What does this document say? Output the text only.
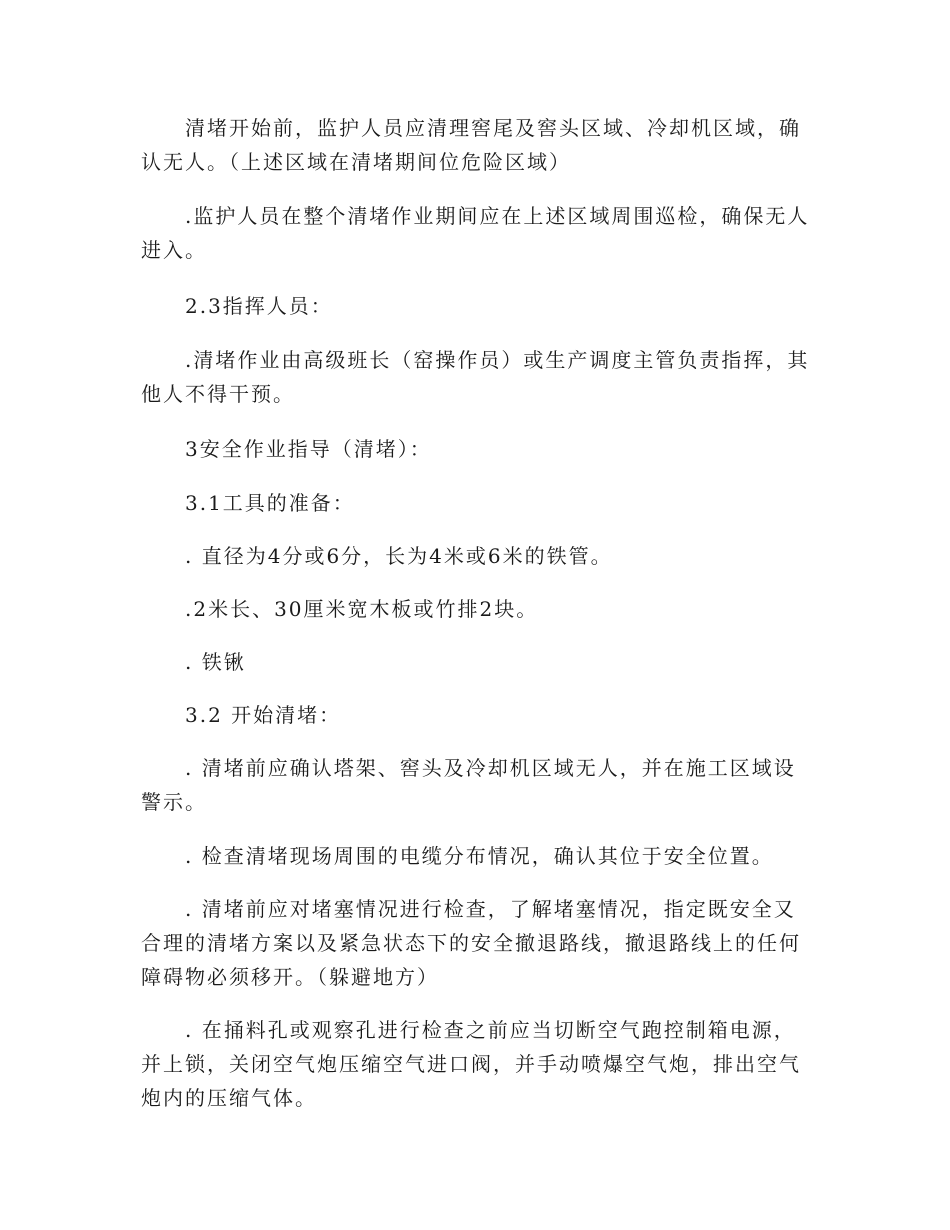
清堵开始前，监护人员应清理窖尾及窖头区域、冷却机区域，确认无人。（上述区域在清堵期间位危险区域）

.监护人员在整个清堵作业期间应在上述区域周围巡检，确保无人进入。

2.3指挥人员：

.清堵作业由高级班长（窑操作员）或生产调度主管负责指挥，其他人不得干预。

3安全作业指导（清堵）：

3.1工具的准备：

. 直径为4分或6分，长为4米或6米的铁管。

.2米长、30厘米宽木板或竹排2块。

. 铁锹

3.2 开始清堵：

. 清堵前应确认塔架、窖头及冷却机区域无人，并在施工区域设警示。

. 检查清堵现场周围的电缆分布情况，确认其位于安全位置。

. 清堵前应对堵塞情况进行检查，了解堵塞情况，指定既安全又合理的清堵方案以及紧急状态下的安全撤退路线，撤退路线上的任何障碍物必须移开。（躲避地方）

. 在捅料孔或观察孔进行检查之前应当切断空气跑控制箱电源，并上锁，关闭空气炮压缩空气进口阀，并手动喷爆空气炮，排出空气炮内的压缩气体。
